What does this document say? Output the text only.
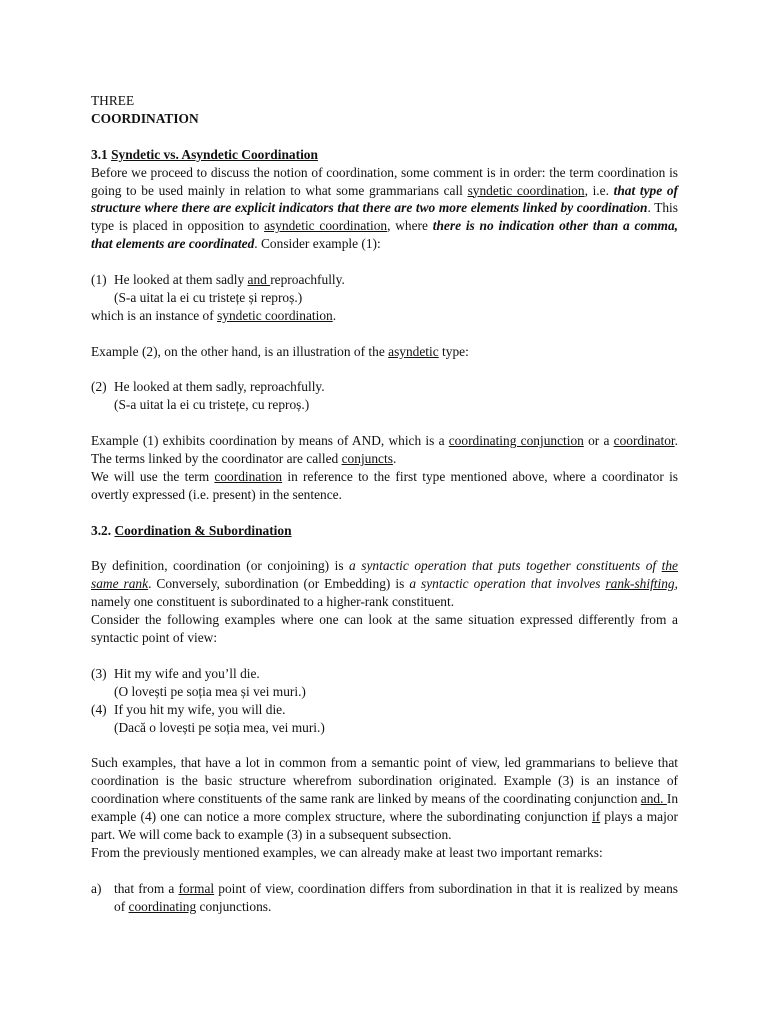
THREE

COORDINATION

3.1 Syndetic vs. Asyndetic Coordination

Before we proceed to discuss the notion of coordination, some comment is in order: the term coordination is going to be used mainly in relation to what some grammarians call syndetic coordination, i.e. that type of structure where there are explicit indicators that there are two more elements linked by coordination. This type is placed in opposition to asyndetic coordination, where there is no indication other than a comma, that elements are coordinated. Consider example (1):

(1) He looked at them sadly and reproachfully.

(S-a uitat la ei cu tristețe și reproș.)

which is an instance of syndetic coordination.

Example (2), on the other hand, is an illustration of the asyndetic type:

(2) He looked at them sadly, reproachfully.

(S-a uitat la ei cu tristețe, cu reproș.)

Example (1) exhibits coordination by means of AND, which is a coordinating conjunction or a coordinator. The terms linked by the coordinator are called conjuncts.

We will use the term coordination in reference to the first type mentioned above, where a coordinator is overtly expressed (i.e. present) in the sentence.

3.2. Coordination & Subordination

By definition, coordination (or conjoining) is a syntactic operation that puts together constituents of the same rank. Conversely, subordination (or Embedding) is a syntactic operation that involves rank-shifting, namely one constituent is subordinated to a higher-rank constituent.

Consider the following examples where one can look at the same situation expressed differently from a syntactic point of view:

(3) Hit my wife and you’ll die.

(O lovești pe soția mea și vei muri.)

(4) If you hit my wife, you will die.

(Dacă o lovești pe soția mea, vei muri.)

Such examples, that have a lot in common from a semantic point of view, led grammarians to believe that coordination is the basic structure wherefrom subordination originated. Example (3) is an instance of coordination where constituents of the same rank are linked by means of the coordinating conjunction and. In example (4) one can notice a more complex structure, where the subordinating conjunction if plays a major part. We will come back to example (3) in a subsequent subsection.

From the previously mentioned examples, we can already make at least two important remarks:

a) that from a formal point of view, coordination differs from subordination in that it is realized by means of coordinating conjunctions.
